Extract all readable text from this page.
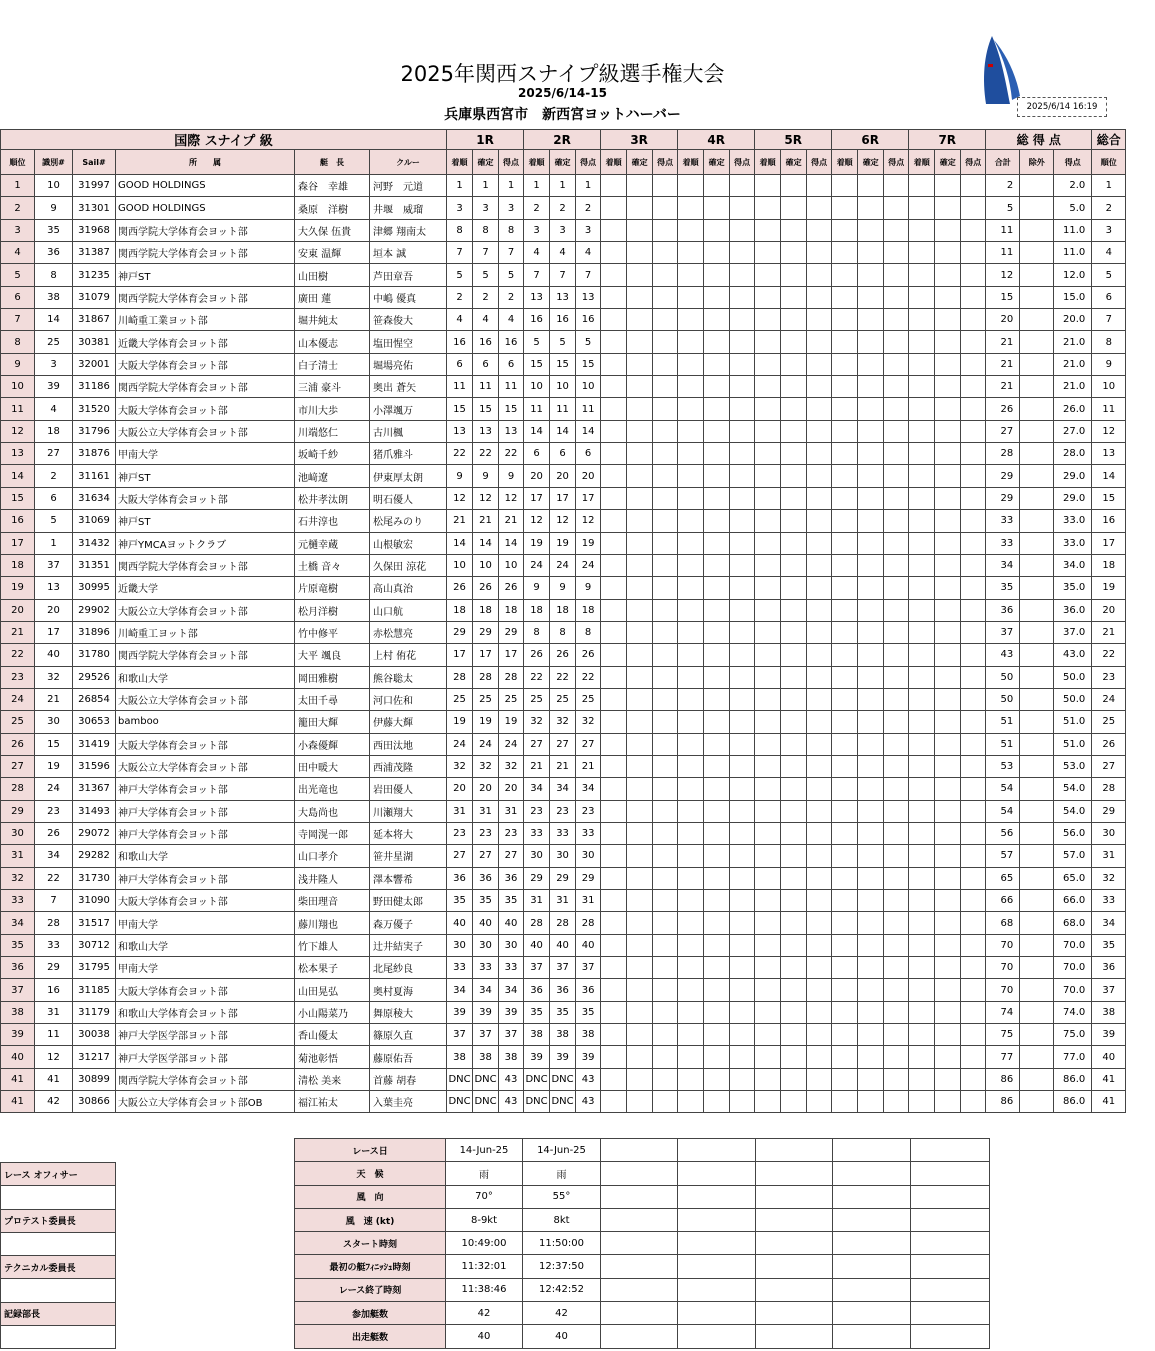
2025年関西スナイプ級選手権大会
2025/6/14-15
兵庫県西宮市　新西宮ヨットハーバー	2025/6/14 16:19
国際 スナイプ 級						1R			2R			3R			4R			5R			6R			7R			総 得 点			総合
順位	識別#	Sail#	所　　属	艇　長	クルー	着順	確定	得点	着順	確定	得点	着順	確定	得点	着順	確定	得点	着順	確定	得点	着順	確定	得点	着順	確定	得点	合計	除外	得点	順位
1	10	31997	GOOD HOLDINGS	森谷　幸雄	河野　元道	1	1	1	1	1	1																2		2.0	1
2	9	31301	GOOD HOLDINGS	桑原　洋樹	井堰　威瑠	3	3	3	2	2	2																5		5.0	2
3	35	31968	関西学院大学体育会ヨット部	大久保 伍貴	津郷 翔南太	8	8	8	3	3	3																11		11.0	3
4	36	31387	関西学院大学体育会ヨット部	安東 温輝	垣本 誠	7	7	7	4	4	4																11		11.0	4
5	8	31235	神戸ST	山田樹	芦田章吾	5	5	5	7	7	7																12		12.0	5
6	38	31079	関西学院大学体育会ヨット部	廣田 蓮	中嶋 優真	2	2	2	13	13	13																15		15.0	6
7	14	31867	川崎重工業ヨット部	堀井純太	笹森俊大	4	4	4	16	16	16																20		20.0	7
8	25	30381	近畿大学体育会ヨット部	山本優志	塩田惺空	16	16	16	5	5	5																21		21.0	8
9	3	32001	大阪大学体育会ヨット部	白子清士	堀場亮佑	6	6	6	15	15	15																21		21.0	9
10	39	31186	関西学院大学体育会ヨット部	三浦 豪斗	奥出 蒼矢	11	11	11	10	10	10																21		21.0	10
11	4	31520	大阪大学体育会ヨット部	市川大歩	小澤颯万	15	15	15	11	11	11																26		26.0	11
12	18	31796	大阪公立大学体育会ヨット部	川端悠仁	古川楓	13	13	13	14	14	14																27		27.0	12
13	27	31876	甲南大学	坂崎千紗	猪爪雅斗	22	22	22	6	6	6																28		28.0	13
14	2	31161	神戸ST	池﨑遼	伊東厚太朗	9	9	9	20	20	20																29		29.0	14
15	6	31634	大阪大学体育会ヨット部	松井孝汰朗	明石優人	12	12	12	17	17	17																29		29.0	15
16	5	31069	神戸ST	石井淳也	松尾みのり	21	21	21	12	12	12																33		33.0	16
17	1	31432	神戸YMCAヨットクラブ	元樋幸蔵	山根敏宏	14	14	14	19	19	19																33		33.0	17
18	37	31351	関西学院大学体育会ヨット部	土橋 音々	久保田 涼花	10	10	10	24	24	24																34		34.0	18
19	13	30995	近畿大学	片原竜樹	高山真治	26	26	26	9	9	9																35		35.0	19
20	20	29902	大阪公立大学体育会ヨット部	松月洋樹	山口航	18	18	18	18	18	18																36		36.0	20
21	17	31896	川崎重工ヨット部	竹中修平	赤松慧亮	29	29	29	8	8	8																37		37.0	21
22	40	31780	関西学院大学体育会ヨット部	大平 颯良	上村 侑花	17	17	17	26	26	26																43		43.0	22
23	32	29526	和歌山大学	岡田雅樹	熊谷聡太	28	28	28	22	22	22																50		50.0	23
24	21	26854	大阪公立大学体育会ヨット部	太田千尋	河口佐和	25	25	25	25	25	25																50		50.0	24
25	30	30653	bamboo	籠田大輝	伊藤大輝	19	19	19	32	32	32																51		51.0	25
26	15	31419	大阪大学体育会ヨット部	小森優輝	西田汰地	24	24	24	27	27	27																51		51.0	26
27	19	31596	大阪公立大学体育会ヨット部	田中暖大	西浦茂隆	32	32	32	21	21	21																53		53.0	27
28	24	31367	神戸大学体育会ヨット部	出光竜也	岩田優人	20	20	20	34	34	34																54		54.0	28
29	23	31493	神戸大学体育会ヨット部	大島尚也	川瀬翔大	31	31	31	23	23	23																54		54.0	29
30	26	29072	神戸大学体育会ヨット部	寺岡滉一郎	延本将大	23	23	23	33	33	33																56		56.0	30
31	34	29282	和歌山大学	山口孝介	笹井星湖	27	27	27	30	30	30																57		57.0	31
32	22	31730	神戸大学体育会ヨット部	浅井隆人	澤本響希	36	36	36	29	29	29																65		65.0	32
33	7	31090	大阪大学体育会ヨット部	柴田理音	野田健太郎	35	35	35	31	31	31																66		66.0	33
34	28	31517	甲南大学	藤川翔也	森万優子	40	40	40	28	28	28																68		68.0	34
35	33	30712	和歌山大学	竹下雄人	辻井結実子	30	30	30	40	40	40																70		70.0	35
36	29	31795	甲南大学	松本果子	北尾紗良	33	33	33	37	37	37																70		70.0	36
37	16	31185	大阪大学体育会ヨット部	山田晃弘	奥村夏海	34	34	34	36	36	36																70		70.0	37
38	31	31179	和歌山大学体育会ヨット部	小山陽菜乃	舞原稜大	39	39	39	35	35	35																74		74.0	38
39	11	30038	神戸大学医学部ヨット部	香山優太	篠原久直	37	37	37	38	38	38																75		75.0	39
40	12	31217	神戸大学医学部ヨット部	菊池彰悟	藤原佑吾	38	38	38	39	39	39																77		77.0	40
41	41	30899	関西学院大学体育会ヨット部	清松 美来	首藤 胡春	DNC	DNC	43	DNC	DNC	43																86		86.0	41
41	42	30866	大阪公立大学体育会ヨット部OB	福江祐太	入葉圭亮	DNC	DNC	43	DNC	DNC	43																86		86.0	41
レース オフィサー

プロテスト委員長

テクニカル委員長

記録部長

レース日	14-Jun-25	14-Jun-25					
天　候	雨	雨					
風　向	70°	55°					
風　速 (kt)	8-9kt	8kt					
スタート時刻	10:49:00	11:50:00					
最初の艇ﾌｨﾆｯｼｭ時刻	11:32:01	12:37:50					
レース終了時刻	11:38:46	12:42:52					
参加艇数	42	42					
出走艇数	40	40					
